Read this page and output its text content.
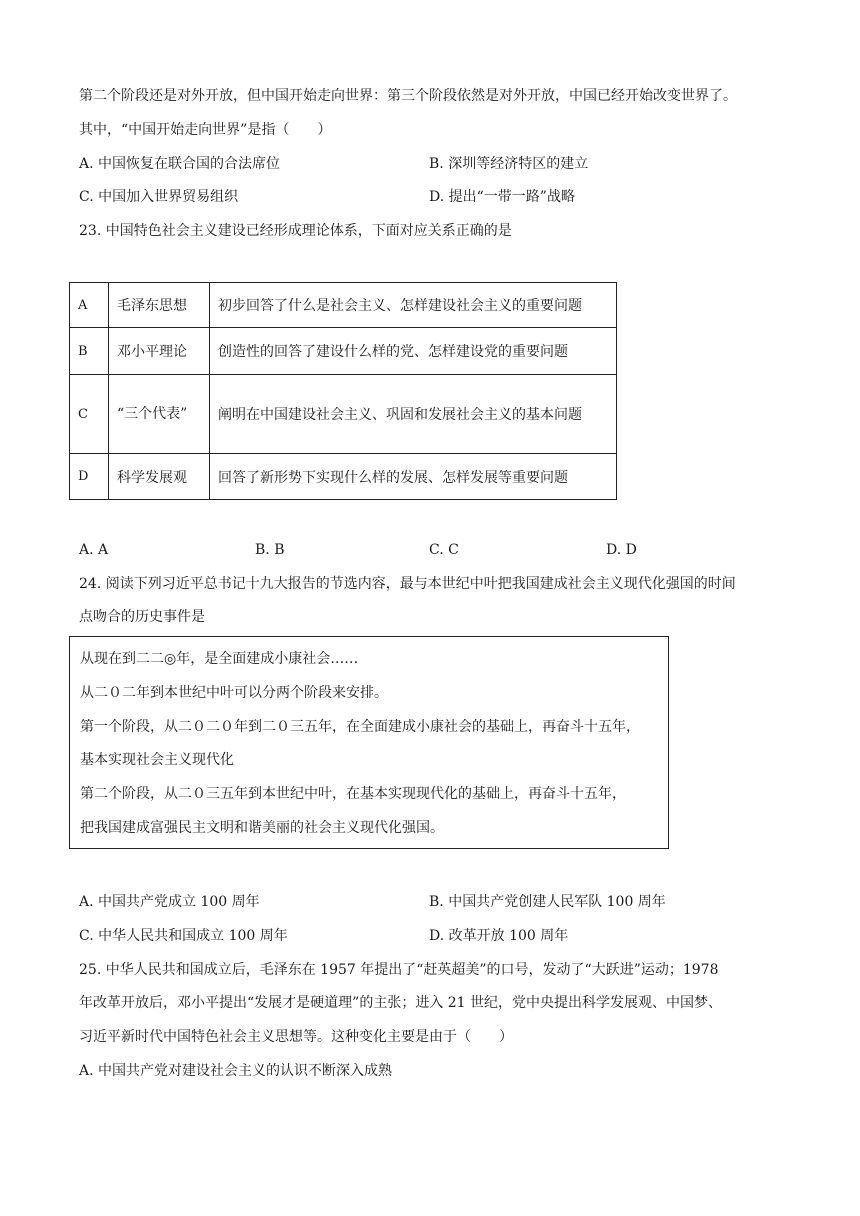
第二个阶段还是对外开放，但中国开始走向世界：第三个阶段依然是对外开放，中国已经开始改变世界了。
其中，“中国开始走向世界”是指（　　）
A. 中国恢复在联合国的合法席位	B. 深圳等经济特区的建立
C. 中国加入世界贸易组织	D. 提出“一带一路”战略
23. 中国特色社会主义建设已经形成理论体系，下面对应关系正确的是
A	毛泽东思想	初步回答了什么是社会主义、怎样建设社会主义的重要问题
B	邓小平理论	创造性的回答了建设什么样的党、怎样建设党的重要问题
C	“三个代表”	阐明在中国建设社会主义、巩固和发展社会主义的基本问题
D	科学发展观	回答了新形势下实现什么样的发展、怎样发展等重要问题
A. A	B. B	C. C	D. D
24. 阅读下列习近平总书记十九大报告的节选内容，最与本世纪中叶把我国建成社会主义现代化强国的时间
点吻合的历史事件是
从现在到二二◎年，是全面建成小康社会……
从二０二年到本世纪中叶可以分两个阶段来安排。
第一个阶段，从二０二０年到二０三五年，在全面建成小康社会的基础上，再奋斗十五年，
基本实现社会主义现代化
第二个阶段，从二０三五年到本世纪中叶，在基本实现现代化的基础上，再奋斗十五年，
把我国建成富强民主文明和谐美丽的社会主义现代化强国。
A. 中国共产党成立 100 周年	B. 中国共产党创建人民军队 100 周年
C. 中华人民共和国成立 100 周年	D. 改革开放 100 周年
25. 中华人民共和国成立后，毛泽东在 1957 年提出了“赶英超美”的口号，发动了“大跃进”运动；1978
年改革开放后，邓小平提出“发展才是硬道理”的主张；进入 21 世纪，党中央提出科学发展观、中国梦、
习近平新时代中国特色社会主义思想等。这种变化主要是由于（　　）
A. 中国共产党对建设社会主义的认识不断深入成熟
